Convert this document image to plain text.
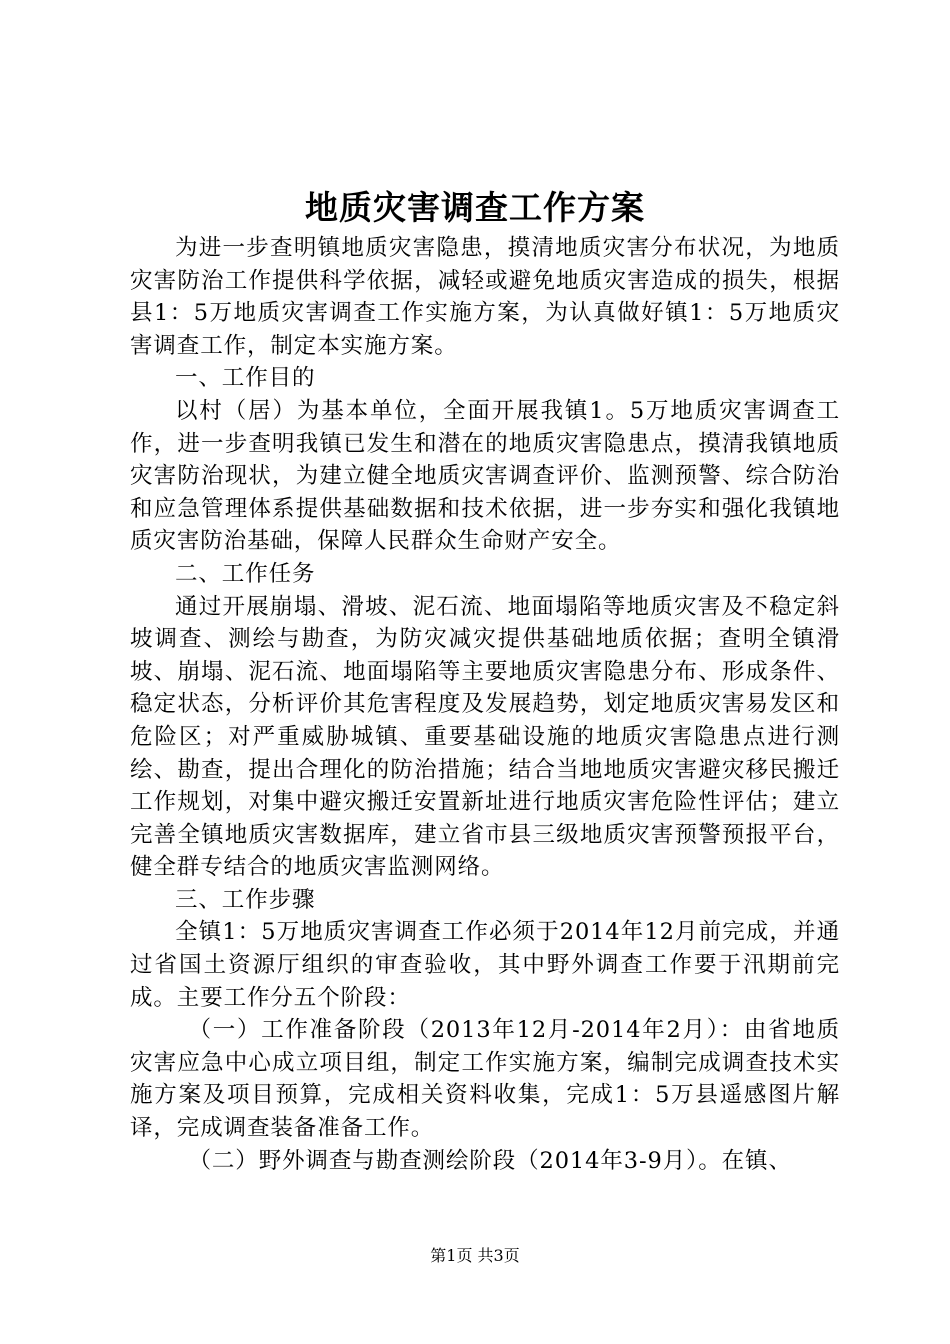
地质灾害调查工作方案

为进一步查明镇地质灾害隐患，摸清地质灾害分布状况，为地质灾害防治工作提供科学依据，减轻或避免地质灾害造成的损失，根据县1：5万地质灾害调查工作实施方案，为认真做好镇1：5万地质灾害调查工作，制定本实施方案。

一、工作目的

以村（居）为基本单位，全面开展我镇1。5万地质灾害调查工作，进一步查明我镇已发生和潜在的地质灾害隐患点，摸清我镇地质灾害防治现状，为建立健全地质灾害调查评价、监测预警、综合防治和应急管理体系提供基础数据和技术依据，进一步夯实和强化我镇地质灾害防治基础，保障人民群众生命财产安全。

二、工作任务

通过开展崩塌、滑坡、泥石流、地面塌陷等地质灾害及不稳定斜坡调查、测绘与勘查，为防灾减灾提供基础地质依据；查明全镇滑坡、崩塌、泥石流、地面塌陷等主要地质灾害隐患分布、形成条件、稳定状态，分析评价其危害程度及发展趋势，划定地质灾害易发区和危险区；对严重威胁城镇、重要基础设施的地质灾害隐患点进行测绘、勘查，提出合理化的防治措施；结合当地地质灾害避灾移民搬迁工作规划，对集中避灾搬迁安置新址进行地质灾害危险性评估；建立完善全镇地质灾害数据库，建立省市县三级地质灾害预警预报平台，健全群专结合的地质灾害监测网络。

三、工作步骤

全镇1：5万地质灾害调查工作必须于2014年12月前完成，并通过省国土资源厅组织的审查验收，其中野外调查工作要于汛期前完成。主要工作分五个阶段：

（一）工作准备阶段（2013年12月-2014年2月）：由省地质灾害应急中心成立项目组，制定工作实施方案，编制完成调查技术实施方案及项目预算，完成相关资料收集，完成1：5万县遥感图片解译，完成调查装备准备工作。

（二）野外调查与勘查测绘阶段（2014年3-9月）。在镇、

第1页 共3页
